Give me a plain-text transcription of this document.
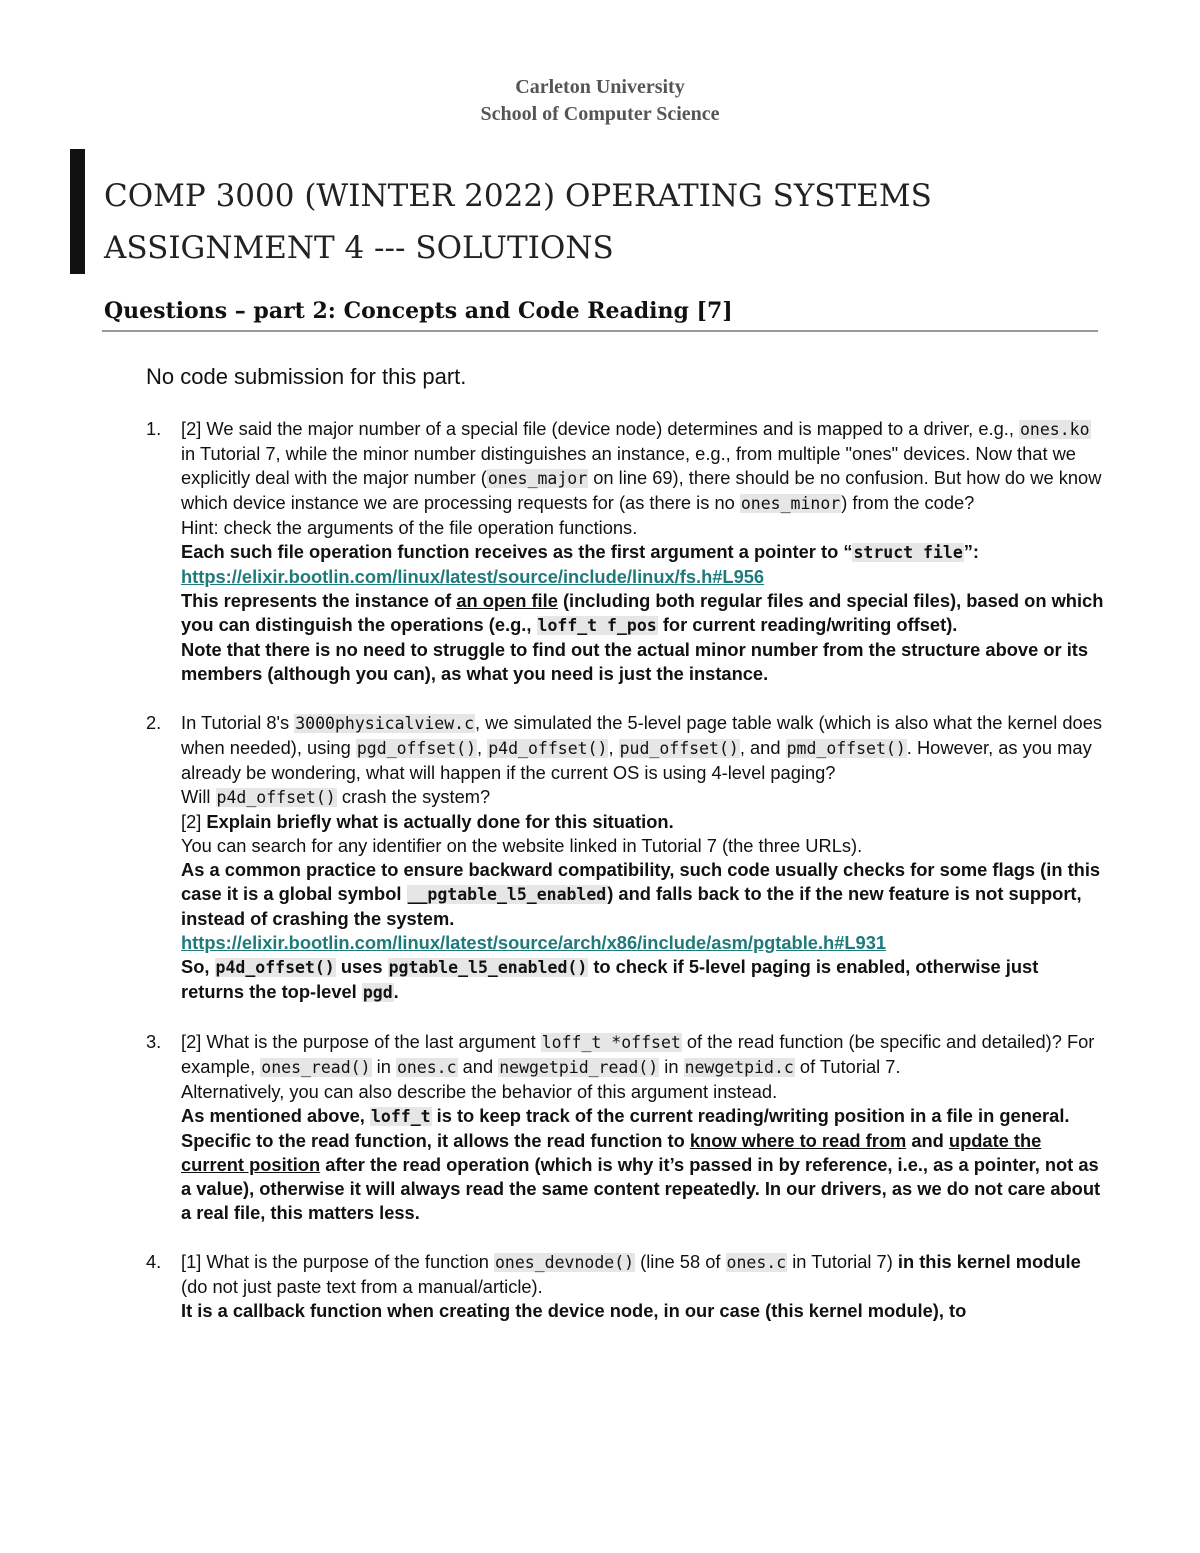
Carleton University
School of Computer Science
COMP 3000 (WINTER 2022) OPERATING SYSTEMS
ASSIGNMENT 4 --- SOLUTIONS
Questions – part 2: Concepts and Code Reading [7]
No code submission for this part.
1. [2] We said the major number of a special file (device node) determines and is mapped to a driver, e.g., ones.ko in Tutorial 7, while the minor number distinguishes an instance, e.g., from multiple "ones" devices. Now that we explicitly deal with the major number (ones_major on line 69), there should be no confusion. But how do we know which device instance we are processing requests for (as there is no ones_minor) from the code?

Hint: check the arguments of the file operation functions.

Each such file operation function receives as the first argument a pointer to “struct file”:

https://elixir.bootlin.com/linux/latest/source/include/linux/fs.h#L956

This represents the instance of an open file (including both regular files and special files), based on which you can distinguish the operations (e.g., loff_t f_pos for current reading/writing offset).

Note that there is no need to struggle to find out the actual minor number from the structure above or its members (although you can), as what you need is just the instance.

2. In Tutorial 8's 3000physicalview.c, we simulated the 5-level page table walk (which is also what the kernel does when needed), using pgd_offset(), p4d_offset(), pud_offset(), and pmd_offset(). However, as you may already be wondering, what will happen if the current OS is using 4-level paging?

Will p4d_offset() crash the system?

[2] Explain briefly what is actually done for this situation.

You can search for any identifier on the website linked in Tutorial 7 (the three URLs).

As a common practice to ensure backward compatibility, such code usually checks for some flags (in this case it is a global symbol __pgtable_l5_enabled) and falls back to the if the new feature is not support, instead of crashing the system.

https://elixir.bootlin.com/linux/latest/source/arch/x86/include/asm/pgtable.h#L931

So, p4d_offset() uses pgtable_l5_enabled() to check if 5-level paging is enabled, otherwise just returns the top-level pgd.

3. [2] What is the purpose of the last argument loff_t *offset of the read function (be specific and detailed)? For example, ones_read() in ones.c and newgetpid_read() in newgetpid.c of Tutorial 7.

Alternatively, you can also describe the behavior of this argument instead.

As mentioned above, loff_t is to keep track of the current reading/writing position in a file in general. Specific to the read function, it allows the read function to know where to read from and update the current position after the read operation (which is why it’s passed in by reference, i.e., as a pointer, not as a value), otherwise it will always read the same content repeatedly. In our drivers, as we do not care about a real file, this matters less.

4. [1] What is the purpose of the function ones_devnode() (line 58 of ones.c in Tutorial 7) in this kernel module (do not just paste text from a manual/article).

It is a callback function when creating the device node, in our case (this kernel module), to
